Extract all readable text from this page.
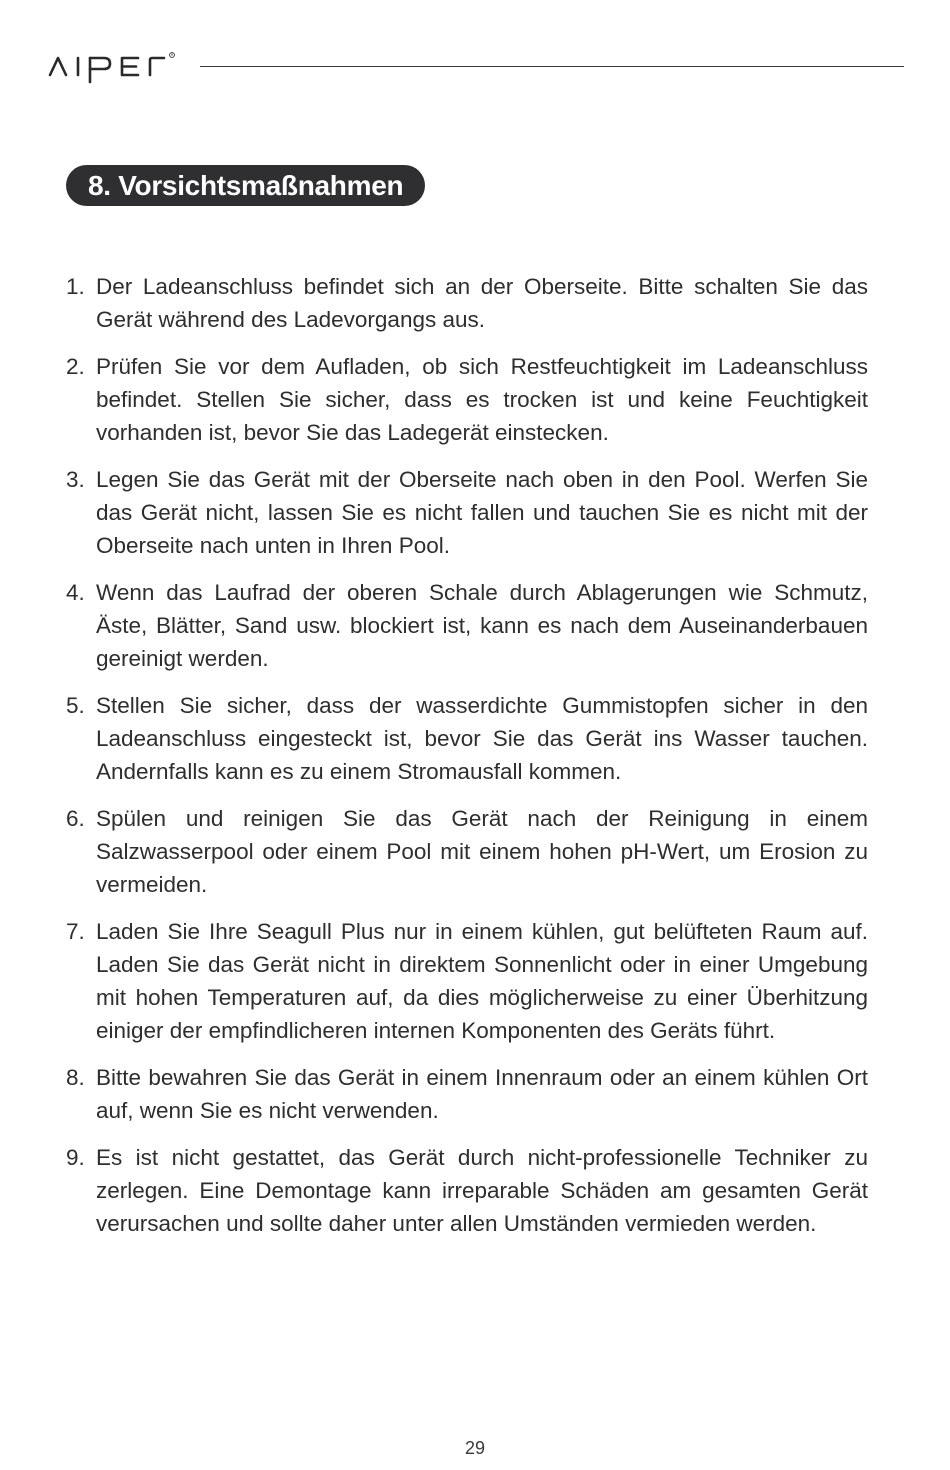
R
8. Vorsichtsmaßnahmen
1. Der Ladeanschluss befindet sich an der Oberseite. Bitte schalten Sie das Gerät während des Ladevorgangs aus.
2. Prüfen Sie vor dem Aufladen, ob sich Restfeuchtigkeit im Ladeanschluss befindet. Stellen Sie sicher, dass es trocken ist und keine Feuchtigkeit vorhanden ist, bevor Sie das Ladegerät einstecken.
3. Legen Sie das Gerät mit der Oberseite nach oben in den Pool. Werfen Sie das Gerät nicht, lassen Sie es nicht fallen und tauchen Sie es nicht mit der Oberseite nach unten in Ihren Pool.
4. Wenn das Laufrad der oberen Schale durch Ablagerungen wie Schmutz, Äste, Blätter, Sand usw. blockiert ist, kann es nach dem Auseinanderbauen gereinigt werden.
5. Stellen Sie sicher, dass der wasserdichte Gummistopfen sicher in den Ladeanschluss eingesteckt ist, bevor Sie das Gerät ins Wasser tauchen. Andernfalls kann es zu einem Stromausfall kommen.
6. Spülen und reinigen Sie das Gerät nach der Reinigung in einem Salzwasserpool oder einem Pool mit einem hohen pH-Wert, um Erosion zu vermeiden.
7. Laden Sie Ihre Seagull Plus nur in einem kühlen, gut belüfteten Raum auf. Laden Sie das Gerät nicht in direktem Sonnenlicht oder in einer Umgebung mit hohen Temperaturen auf, da dies möglicherweise zu einer Überhitzung einiger der empfindlicheren internen Komponenten des Geräts führt.
8. Bitte bewahren Sie das Gerät in einem Innenraum oder an einem kühlen Ort auf, wenn Sie es nicht verwenden.
9. Es ist nicht gestattet, das Gerät durch nicht-professionelle Techniker zu zerlegen. Eine Demontage kann irreparable Schäden am gesamten Gerät verursachen und sollte daher unter allen Umständen vermieden werden.
29
